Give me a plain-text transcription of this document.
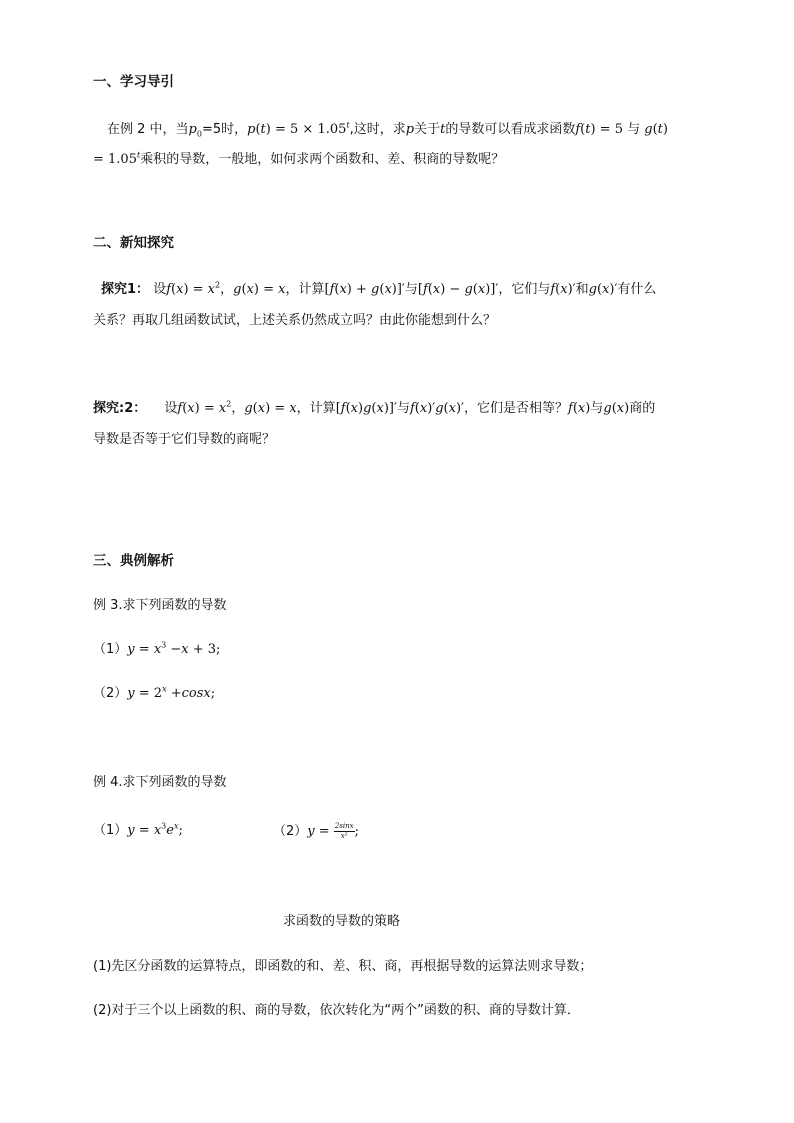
一、学习导引
在例 2 中，当$p_0=5$时，$p(t) = 5 \times 1.05^t$,这时，求p关于t的导数可以看成求函数f(t) = 5 与 g(t)
= $1.05^t$乘积的导数，一般地，如何求两个函数和、差、积商的导数呢？
二、新知探究
探究1： 设$f(x) = x^2$，g(x) = x，计算[f(x) + g(x)]′与[f(x) − g(x)]′，它们与f(x)′和g(x)′有什么
关系？再取几组函数试试，上述关系仍然成立吗？由此你能想到什么？
探究:2： 设$f(x) = x^2$，g(x) = x，计算[f(x)g(x)]′与f(x)′g(x)′，它们是否相等？f(x)与g(x)商的
导数是否等于它们导数的商呢？
三、典例解析
例 3.求下列函数的导数
$(1)y = x^3 -x + 3$;
$(2)y = 2^x +\cos x$;
例 4.求下列函数的导数
$(1)y = x^3e^x$;	$(2)y = \frac{2\sin x}{\text{x²}}$ ;
求函数的导数的策略
(1)先区分函数的运算特点，即函数的和、差、积、商，再根据导数的运算法则求导数；
(2)对于三个以上函数的积、商的导数，依次转化为“两个”函数的积、商的导数计算．
